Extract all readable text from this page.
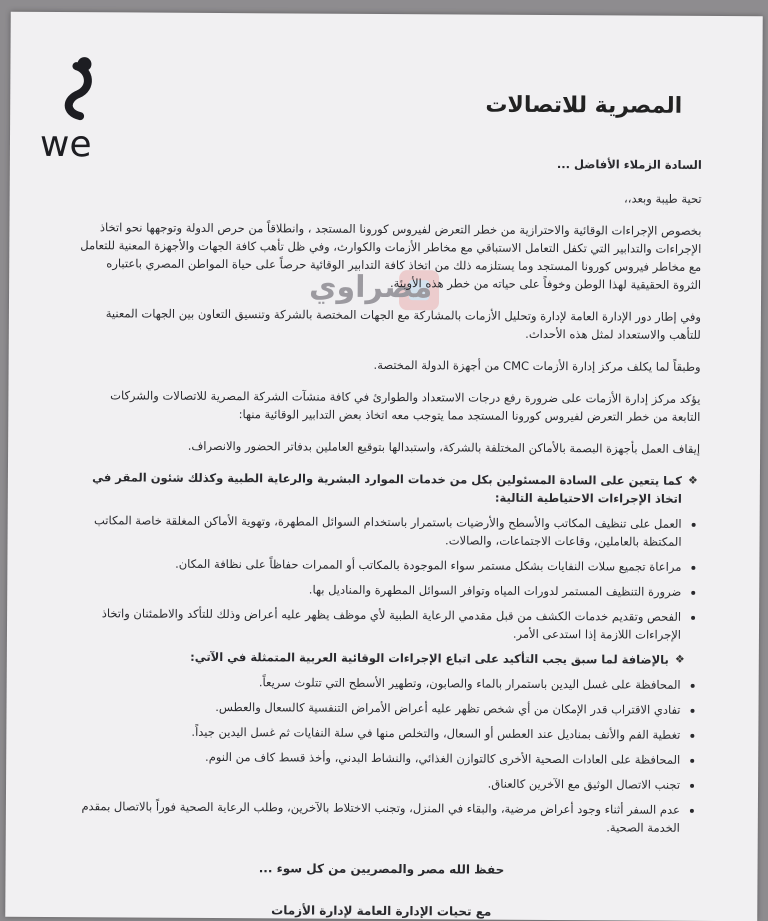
we
المصرية للاتصالات
مصراوي

السادة الزملاء الأفاضل ...

تحية طيبة وبعد،،

بخصوص الإجراءات الوقائية والاحترازية من خطر التعرض لفيروس كورونا المستجد ، وانطلاقاً من حرص الدولة وتوجهها نحو اتخاذ الإجراءات والتدابير التي تكفل التعامل الاستباقي مع مخاطر الأزمات والكوارث، وفي ظل تأهب كافة الجهات والأجهزة المعنية للتعامل مع مخاطر فيروس كورونا المستجد وما يستلزمه ذلك من اتخاذ كافة التدابير الوقائية حرصاً على حياة المواطن المصري باعتباره الثروة الحقيقية لهذا الوطن وخوفاً على حياته من خطر هذه الأوبئة.

وفي إطار دور الإدارة العامة لإدارة وتحليل الأزمات بالمشاركة مع الجهات المختصة بالشركة وتنسيق التعاون بين الجهات المعنية للتأهب والاستعداد لمثل هذه الأحداث.

وطبقاً لما يكلف مركز إدارة الأزمات CMC من أجهزة الدولة المختصة.

يؤكد مركز إدارة الأزمات على ضرورة رفع درجات الاستعداد والطوارئ في كافة منشآت الشركة المصرية للاتصالات والشركات التابعة من خطر التعرض لفيروس كورونا المستجد مما يتوجب معه اتخاذ بعض التدابير الوقائية منها:

إيقاف العمل بأجهزة البصمة بالأماكن المختلفة بالشركة، واستبدالها بتوقيع العاملين بدفاتر الحضور والانصراف.

❖ كما يتعين على السادة المسئولين بكل من خدمات الموارد البشرية والرعاية الطبية وكذلك شئون المقر في اتخاذ الإجراءات الاحتياطية التالية:
• العمل على تنظيف المكاتب والأسطح والأرضيات باستمرار باستخدام السوائل المطهرة، وتهوية الأماكن المغلقة خاصة المكاتب المكتظة بالعاملين، وقاعات الاجتماعات، والصالات.
• مراعاة تجميع سلات النفايات بشكل مستمر سواء الموجودة بالمكاتب أو الممرات حفاظاً على نظافة المكان.
• ضرورة التنظيف المستمر لدورات المياه وتوافر السوائل المطهرة والمناديل بها.
• الفحص وتقديم خدمات الكشف من قبل مقدمي الرعاية الطبية لأي موظف يظهر عليه أعراض وذلك للتأكد والاطمئنان واتخاذ الإجراءات اللازمة إذا استدعى الأمر.
❖ بالإضافة لما سبق يجب التأكيد على اتباع الإجراءات الوقائية العربية المتمثلة في الآتي:
• المحافظة على غسل اليدين باستمرار بالماء والصابون، وتطهير الأسطح التي تتلوث سريعاً.
• تفادي الاقتراب قدر الإمكان من أي شخص تظهر عليه أعراض الأمراض التنفسية كالسعال والعطس.
• تغطية الفم والأنف بمناديل عند العطس أو السعال، والتخلص منها في سلة النفايات ثم غسل اليدين جيداً.
• المحافظة على العادات الصحية الأخرى كالتوازن الغذائي، والنشاط البدني، وأخذ قسط كاف من النوم.
• تجنب الاتصال الوثيق مع الآخرين كالعناق.
• عدم السفر أثناء وجود أعراض مرضية، والبقاء في المنزل، وتجنب الاختلاط بالآخرين، وطلب الرعاية الصحية فوراً بالاتصال بمقدم الخدمة الصحية.
حفظ الله مصر والمصريين من كل سوء ...
مع تحيات الإدارة العامة لإدارة الأزمات
